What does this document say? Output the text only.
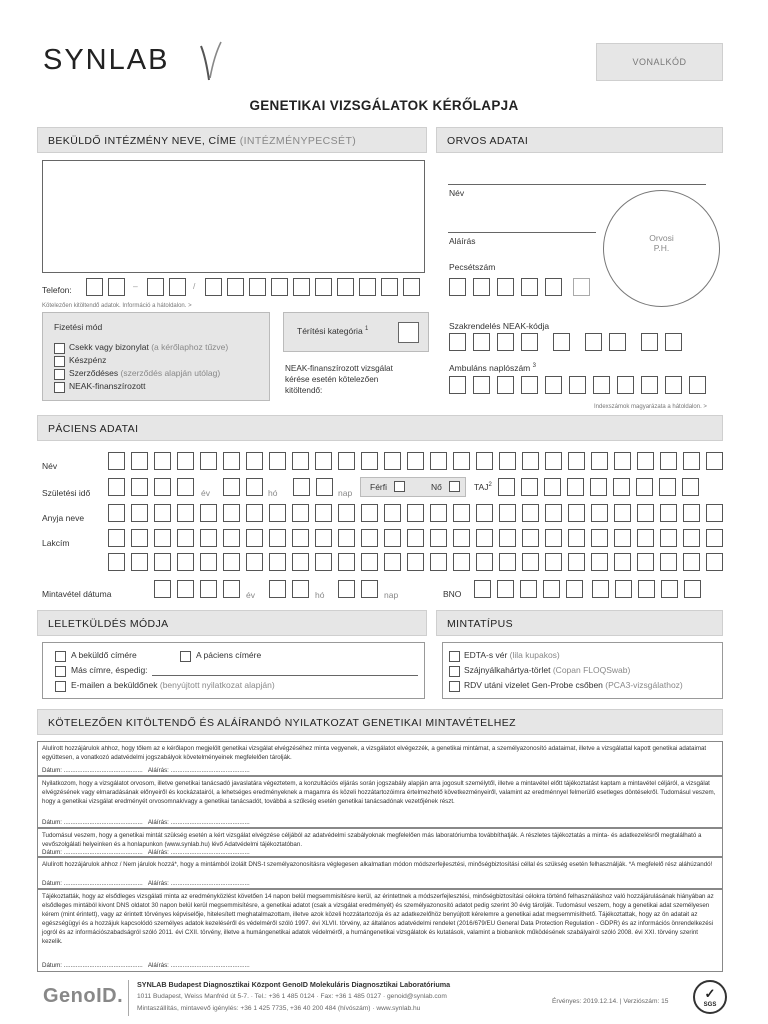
SYNLAB	VONALKÓD
GENETIKAI VIZSGÁLATOK KÉRŐLAPJA
BEKÜLDŐ INTÉZMÉNY NEVE, CÍME (INTÉZMÉNYPECSÉT)
Telefon:	–	/
Kötelezően kitöltendő adatok. Információ a hátoldalon. >
Fizetési mód
Csekk vagy bizonylat (a kérőlaphoz tűzve)
Készpénz
Szerződéses (szerződés alapján utólag)
NEAK-finanszírozott
Térítési kategória $^1$
NEAK-finanszírozott vizsgálat
kérése esetén kötelezően
kitöltendő:
ORVOS ADATAI
Név
Aláírás	Orvosi
P.H.
Pecsétszám
Szakrendelés NEAK-kódja
Ambuláns naplószám $^3$
Indexszámok magyarázata a hátoldalon. >
PÁCIENS ADATAI
Név
Születési idő	év	hó	nap
Férfi	Nő	TAJ$^2$
Anyja neve
Lakcím
Mintavétel dátuma	év	hó	nap	BNO
LELETKÜLDÉS MÓDJA
A beküldő címére	A páciens címére
Más címre, éspedig:
E-mailen a beküldőnek (benyújtott nyilatkozat alapján)
MINTATÍPUS
EDTA-s vér (lila kupakos)
Szájnyálkahártya-törlet (Copan FLOQSwab)
RDV utáni vizelet Gen-Probe csőben (PCA3-vizsgálathoz)
KÖTELEZŐEN KITÖLTENDŐ ÉS ALÁÍRANDÓ NYILATKOZAT GENETIKAI MINTAVÉTELHEZ
Alulírott hozzájárulok ahhoz, hogy tőlem az e kérőlapon megjelölt genetikai vizsgálat elvégzéséhez minta vegyenek, a vizsgálatot elvégezzék, a genetikai mintámat, a személyazonosító adataimat, illetve a vizsgálattal kapott genetikai adataimat együttesen, a vonatkozó adatvédelmi jogszabályok követelményeinek megfelelően tárolják.
Dátum: .............................................. Aláírás: ..............................................
Nyilatkozom, hogy a vizsgálatot orvosom, illetve genetikai tanácsadó javaslatára végeztetem, a konzultációs eljárás során jogszabály alapján arra jogosult személytől, illetve a mintavétel előtt tájékoztatást kaptam a mintavétel céljáról, a vizsgálat elvégzésének vagy elmaradásának előnyeiről és kockázatairól, a lehetséges eredményeknek a magamra és közeli hozzátartozóimra értelmezhető következményeiről, valamint az eredménnyel felmerülő esetleges döntésekről. Tudomásul veszem, hogy a genetikai vizsgálat eredményét orvosomnak/vagy a genetikai tanácsadót, továbbá a szűkség esetén genetikai tanácsadónak vezetőjének részt.
Dátum: .............................................. Aláírás: ..............................................
Tudomásul veszem, hogy a genetikai mintát szükség esetén a kért vizsgálat elvégzése céljából az adatvédelmi szabályoknak megfelelően más laboratóriumba továbbíthatják. A részletes tájékoztatás a minta- és adatkezelésről megtalálható a vevőszolgálati helyeinken és a honlapunkon (www.synlab.hu) lévő Adatvédelmi tájékoztatóban.
Dátum: .............................................. Aláírás: ..............................................
Alulírott hozzájárulok ahhoz / Nem járulok hozzá*, hogy a mintámból izolált DNS-t személyazonosításra véglegesen alkalmatlan módon módszerfejlesztési, minőségbiztosítási céllal és szükség esetén felhasználják. *A megfelelő rész aláhúzandó!
Dátum: .............................................. Aláírás: ..............................................
Tájékoztatták, hogy az elsődleges vizsgálati minta az eredményközlést követően 14 napon belül megsemmisítésre kerül, az érintettnek a módszerfejlesztési, minőségbiztosítási célokra történő felhasználáshoz való hozzájárulásának hiányában az elsődleges mintából kivont DNS oldatot 30 napon belül kerül megsemmisítésre, a genetikai adatot (csak a vizsgálat eredményét) és személyazonosító adatot pedig szerint 30 évig tárolják. Tudomásul veszem, hogy a genetikai adat személyesen kérem (mint érintett), vagy az érintett törvényes képviselője, hitelesített meghatalmazottam, illetve azok közeli hozzátartozója és az adatkezelőhöz benyújtott kérelemre a genetikai adat megsemmisíthető. Tájékoztattak, hogy az ön adatait az egészségügyi és a hozzájuk kapcsolódó személyes adatok kezeléséről és védelméről szóló 1997. évi XLVII. törvény, az általános adatvédelmi rendelet (2016/679/EU General Data Protection Regulation - GDPR) és az információs önrendelkezési jogról és az információszabadságról szóló 2011. évi CXII. törvény, illetve a humángenetikai adatok védelméről, a humángenetikai vizsgálatok és kutatások, valamint a biobankok működésének szabályairól szóló 2008. évi XXI. törvény szerint kezelik.
Dátum: .............................................. Aláírás: ..............................................
GenoID.
SYNLAB Budapest Diagnosztikai Központ GenoID Molekuláris Diagnosztikai Laboratóriuma
1011 Budapest, Weiss Manfréd út 5-7. · Tel.: +36 1 485 0124 · Fax: +36 1 485 0127 · genoid@synlab.com
Mintaszállítás, mintavevő igénylés: +36 1 425 7735, +36 40 200 484 (hívószám) · www.synlab.hu
Érvényes: 2019.12.14. | Verziószám: 15
✓
SGS
